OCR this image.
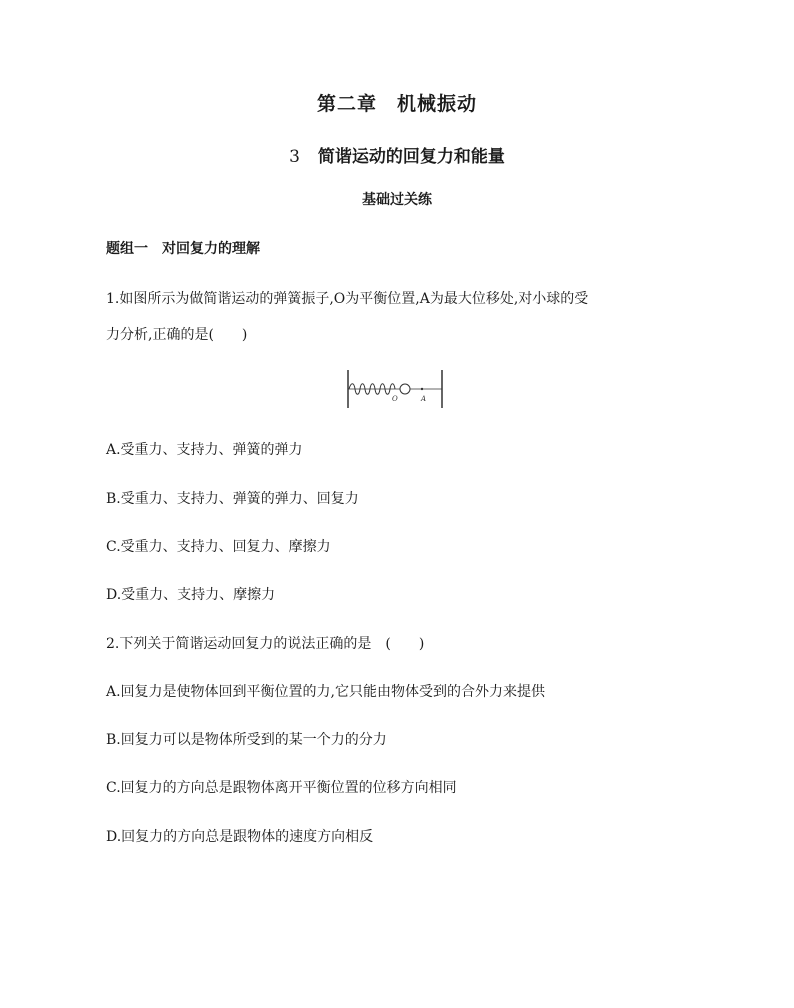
第二章　机械振动
3 简谐运动的回复力和能量
基础过关练
题组一　对回复力的理解
1.如图所示为做简谐运动的弹簧振子,O为平衡位置,A为最大位移处,对小球的受
力分析,正确的是(　　)
O	A
A.受重力、支持力、弹簧的弹力
B.受重力、支持力、弹簧的弹力、回复力
C.受重力、支持力、回复力、摩擦力
D.受重力、支持力、摩擦力
2.下列关于简谐运动回复力的说法正确的是　(　　)
A.回复力是使物体回到平衡位置的力,它只能由物体受到的合外力来提供
B.回复力可以是物体所受到的某一个力的分力
C.回复力的方向总是跟物体离开平衡位置的位移方向相同
D.回复力的方向总是跟物体的速度方向相反
